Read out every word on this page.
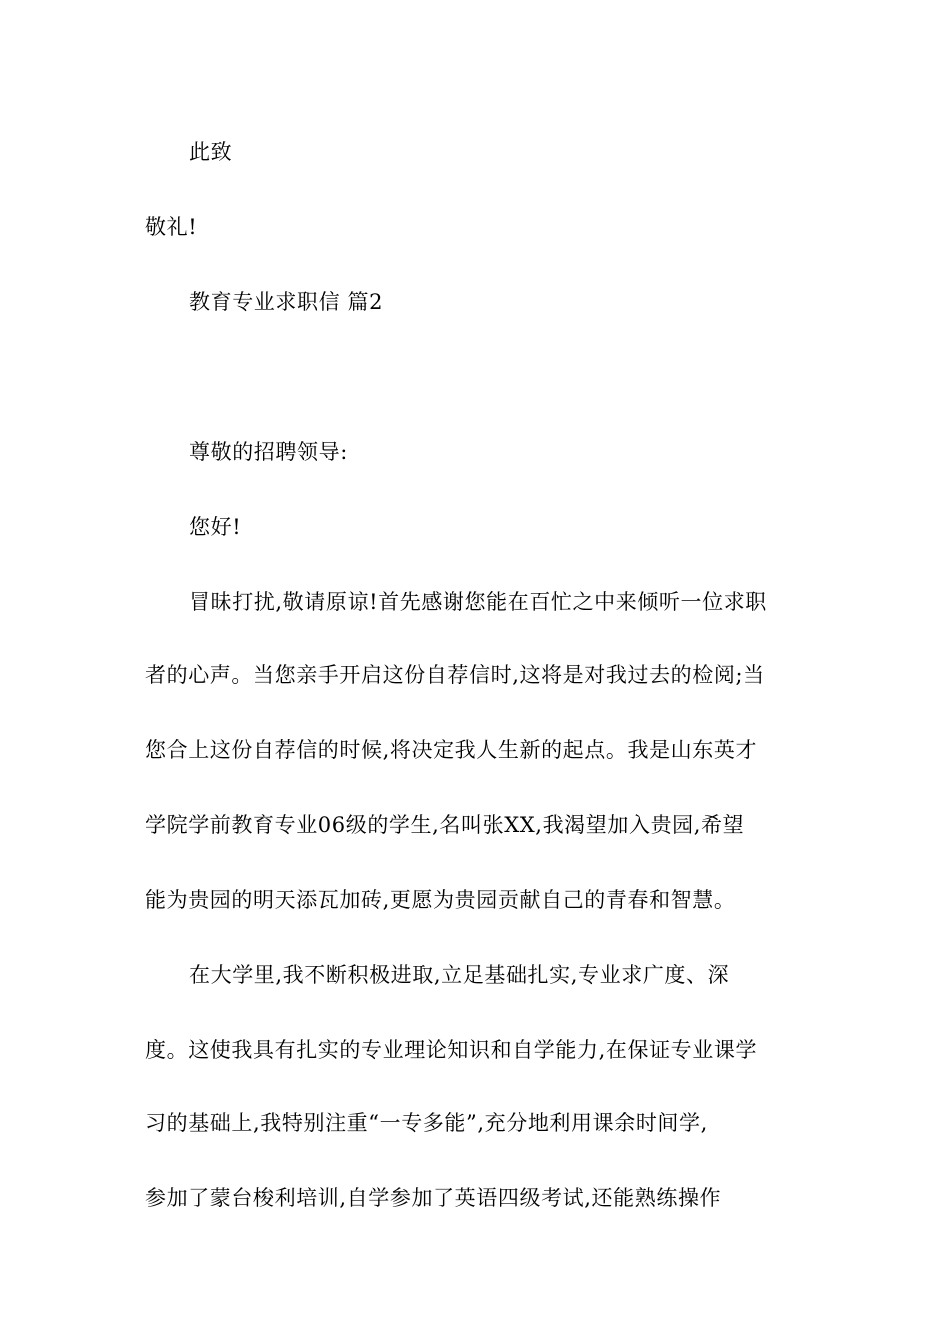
此致
敬礼!
教育专业求职信 篇2
尊敬的招聘领导:
您好!
冒昧打扰,敬请原谅!首先感谢您能在百忙之中来倾听一位求职
者的心声。当您亲手开启这份自荐信时,这将是对我过去的检阅;当
您合上这份自荐信的时候,将决定我人生新的起点。我是山东英才
学院学前教育专业06级的学生,名叫张XX,我渴望加入贵园,希望
能为贵园的明天添瓦加砖,更愿为贵园贡献自己的青春和智慧。
在大学里,我不断积极进取,立足基础扎实,专业求广度、深
度。这使我具有扎实的专业理论知识和自学能力,在保证专业课学
习的基础上,我特别注重“一专多能”,充分地利用课余时间学,
参加了蒙台梭利培训,自学参加了英语四级考试,还能熟练操作
